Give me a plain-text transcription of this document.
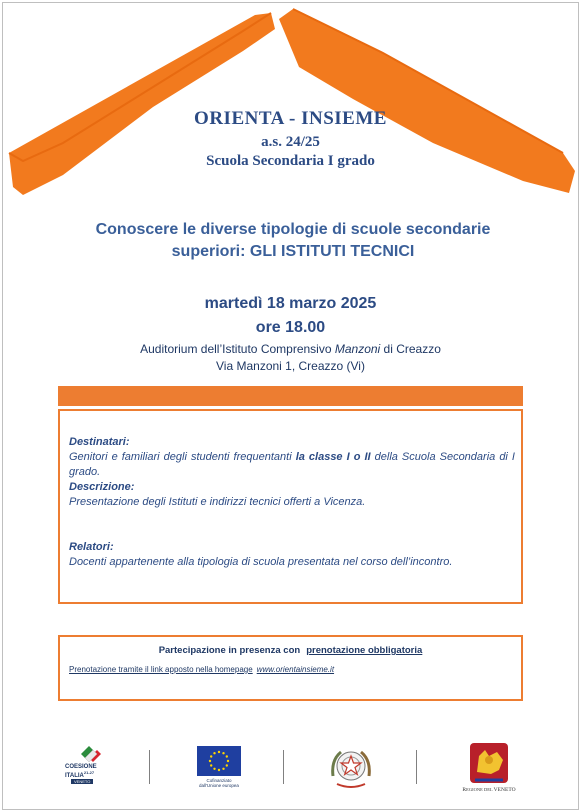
ORIENTA - INSIEME
a.s. 24/25
Scuola Secondaria I grado
Conoscere le diverse tipologie di scuole secondarie
superiori: GLI ISTITUTI TECNICI
martedì 18 marzo 2025
ore 18.00
Auditorium dell’Istituto Comprensivo Manzoni di Creazzo
Via Manzoni 1, Creazzo (Vi)
Destinatari:
Genitori e familiari degli studenti frequentanti la classe I o II della Scuola Secondaria di I grado.
Descrizione:
Presentazione degli Istituti e indirizzi tecnici offerti a Vicenza.
Relatori:
Docenti appartenente alla tipologia di scuola presentata nel corso dell’incontro.
Partecipazione in presenza con prenotazione obbligatoria
Prenotazione tramite il link apposto nella homepage www.orientainsieme.it
COESIONE
ITALIA$^{21-27}$
VENETO	Cofinanziato
dall'Unione europea
REGIONE DEL VENETO
